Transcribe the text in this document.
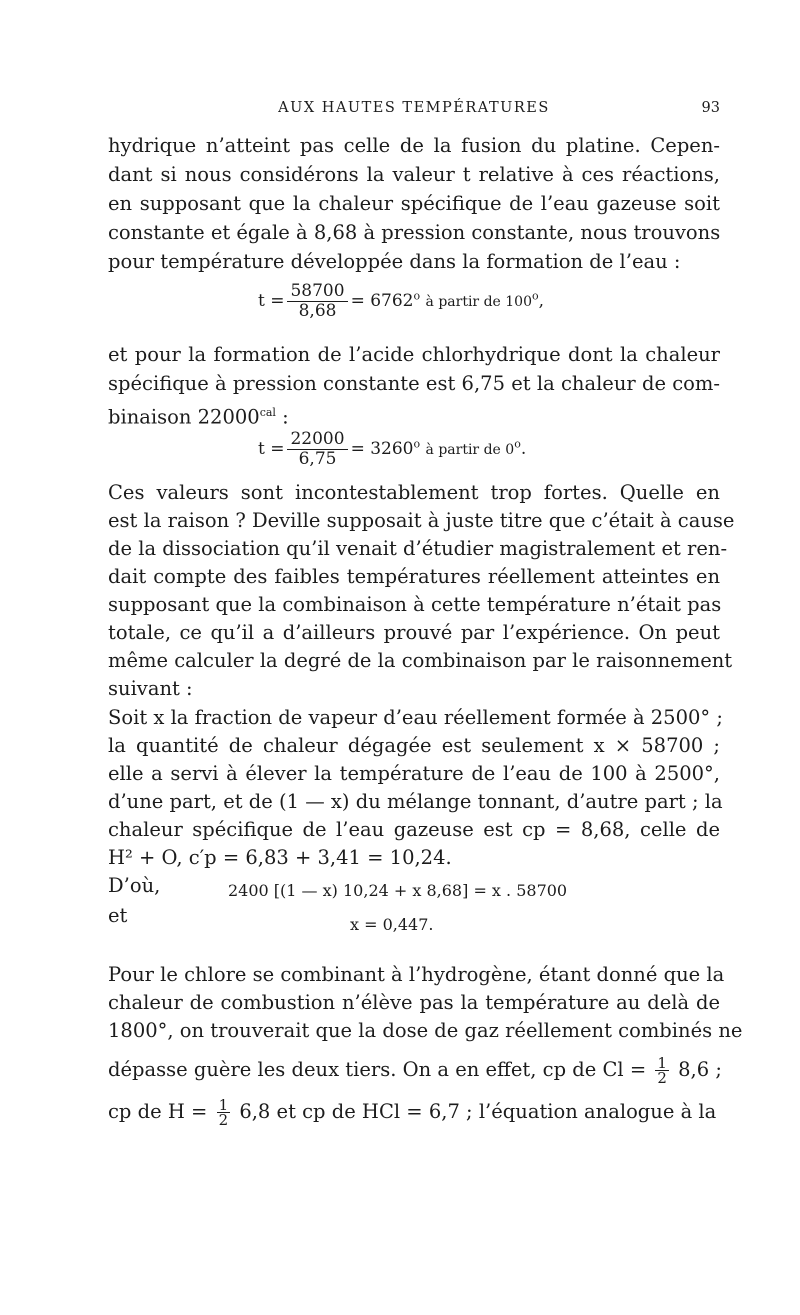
AUX HAUTES TEMPÉRATURES	93
hydrique n’atteint pas celle de la fusion du platine. Cepen-
dant si nous considérons la valeur t relative à ces réactions,
en supposant que la chaleur spécifique de l’eau gazeuse soit
constante et égale à 8,68 à pression constante, nous trouvons
pour température développée dans la formation de l’eau :
$t = \frac{58700}{8,68} = 6762^o$ à partir de 100$^o$,
et pour la formation de l’acide chlorhydrique dont la chaleur
spécifique à pression constante est 6,75 et la chaleur de com-
binaison $22000^{cal}$ :
$t = \frac{22000}{6,75} = 3260^o$ à partir de 0$^o$.
Ces valeurs sont incontestablement trop fortes. Quelle en
est la raison ? Deville supposait à juste titre que c’était à cause
de la dissociation qu’il venait d’étudier magistralement et ren-
dait compte des faibles températures réellement atteintes en
supposant que la combinaison à cette température n’était pas
totale, ce qu’il a d’ailleurs prouvé par l’expérience. On peut
même calculer la degré de la combinaison par le raisonnement
suivant :
Soit x la fraction de vapeur d’eau réellement formée à 2500° ;
la quantité de chaleur dégagée est seulement x × 58700 ;
elle a servi à élever la température de l’eau de 100 à 2500°,
d’une part, et de (1 — x) du mélange tonnant, d’autre part ; la
chaleur spécifique de l’eau gazeuse est cp = 8,68, celle de
H² + O, c′p = 6,83 + 3,41 = 10,24.
D’où,	2400 [(1 — x) 10,24 + x 8,68] = x . 58700
et	x = 0,447.
Pour le chlore se combinant à l’hydrogène, étant donné que la
chaleur de combustion n’élève pas la température au delà de
1800°, on trouverait que la dose de gaz réellement combinés ne
dépasse guère les deux tiers. On a en effet, cp de $Cl = \frac{1}{2} 8,6$ ;
cp de $H = \frac{1}{2} 6,8$ et cp de HCl = 6,7 ; l’équation analogue à la
